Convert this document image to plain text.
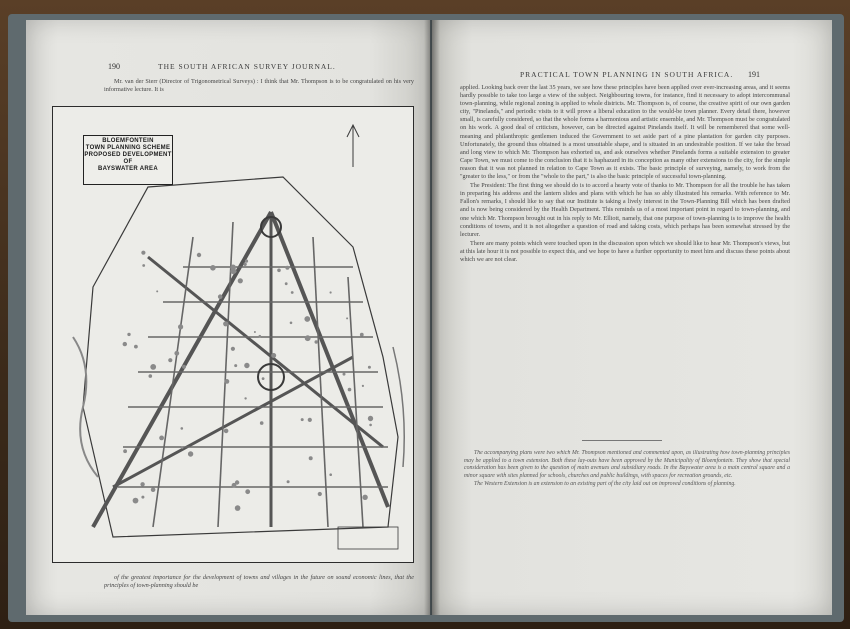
190	THE SOUTH AFRICAN SURVEY JOURNAL.

Mr. van der Sterr (Director of Trigonometrical Surveys) : I think that Mr. Thompson is to be congratulated on his very informative lecture. It is

of the greatest importance for the development of towns and villages in the future on sound economic lines, that the principles of town-planning should be

BLOEMFONTEIN
TOWN PLANNING SCHEME
PROPOSED DEVELOPMENT OF
BAYSWATER AREA
PRACTICAL TOWN PLANNING IN SOUTH AFRICA. 191

applied. Looking back over the last 35 years, we see how these principles have been applied over ever-increasing areas, and it seems hardly possible to take too large a view of the subject. Neighbouring towns, for instance, find it necessary to adopt intercommunal town-planning, while regional zoning is applied to whole districts. Mr. Thompson is, of course, the creative spirit of our own garden city, "Pinelands," and periodic visits to it will prove a liberal education to the would-be town planner. Every detail there, however small, is carefully considered, so that the whole forms a harmonious and artistic ensemble, and Mr. Thompson must be congratulated on his work. A good deal of criticism, however, can be directed against Pinelands itself. It will be remembered that some well-meaning and philanthropic gentlemen induced the Government to set aside part of a pine plantation for garden city purposes. Unfortunately, the ground thus obtained is a most unsuitable shape, and is situated in an undesirable position. If we take the broad and long view to which Mr. Thompson has exhorted us, and ask ourselves whether Pinelands forms a suitable extension to greater Cape Town, we must come to the conclusion that it is haphazard in its conception as many other extensions to the city, for the simple reason that it was not planned in relation to Cape Town as it exists. The basic principle of surveying, namely, to work from the "greater to the less," or from the "whole to the part," is also the basic principle of successful town-planning.

The President: The first thing we should do is to accord a hearty vote of thanks to Mr. Thompson for all the trouble he has taken in preparing his address and the lantern slides and plans with which he has so ably illustrated his remarks. With reference to Mr. Fallon's remarks, I should like to say that our Institute is taking a lively interest in the Town-Planning Bill which has been drafted and is now being considered by the Health Department. This reminds us of a most important point in regard to town-planning, and one which Mr. Thompson brought out in his reply to Mr. Elliott, namely, that one purpose of town-planning is to improve the health conditions of towns, and it is not altogether a question of road and taking costs, which perhaps has been somewhat stressed by the lecturer.

There are many points which were touched upon in the discussion upon which we should like to hear Mr. Thompson's views, but at this late hour it is not possible to expect this, and we hope to have a further opportunity to meet him and discuss these points about which we are not clear.

The accompanying plans were two which Mr. Thompson mentioned and commented upon, as illustrating how town-planning principles may be applied to a town extension. Both these lay-outs have been approved by the Municipality of Bloemfontein. They show that special consideration has been given to the question of main avenues and subsidiary roads. In the Bayswater area is a main central square and a minor square with sites planned for schools, churches and public buildings, with spaces for recreation grounds, etc.

The Western Extension is an extension to an existing part of the city laid out on improved conditions of planning.
